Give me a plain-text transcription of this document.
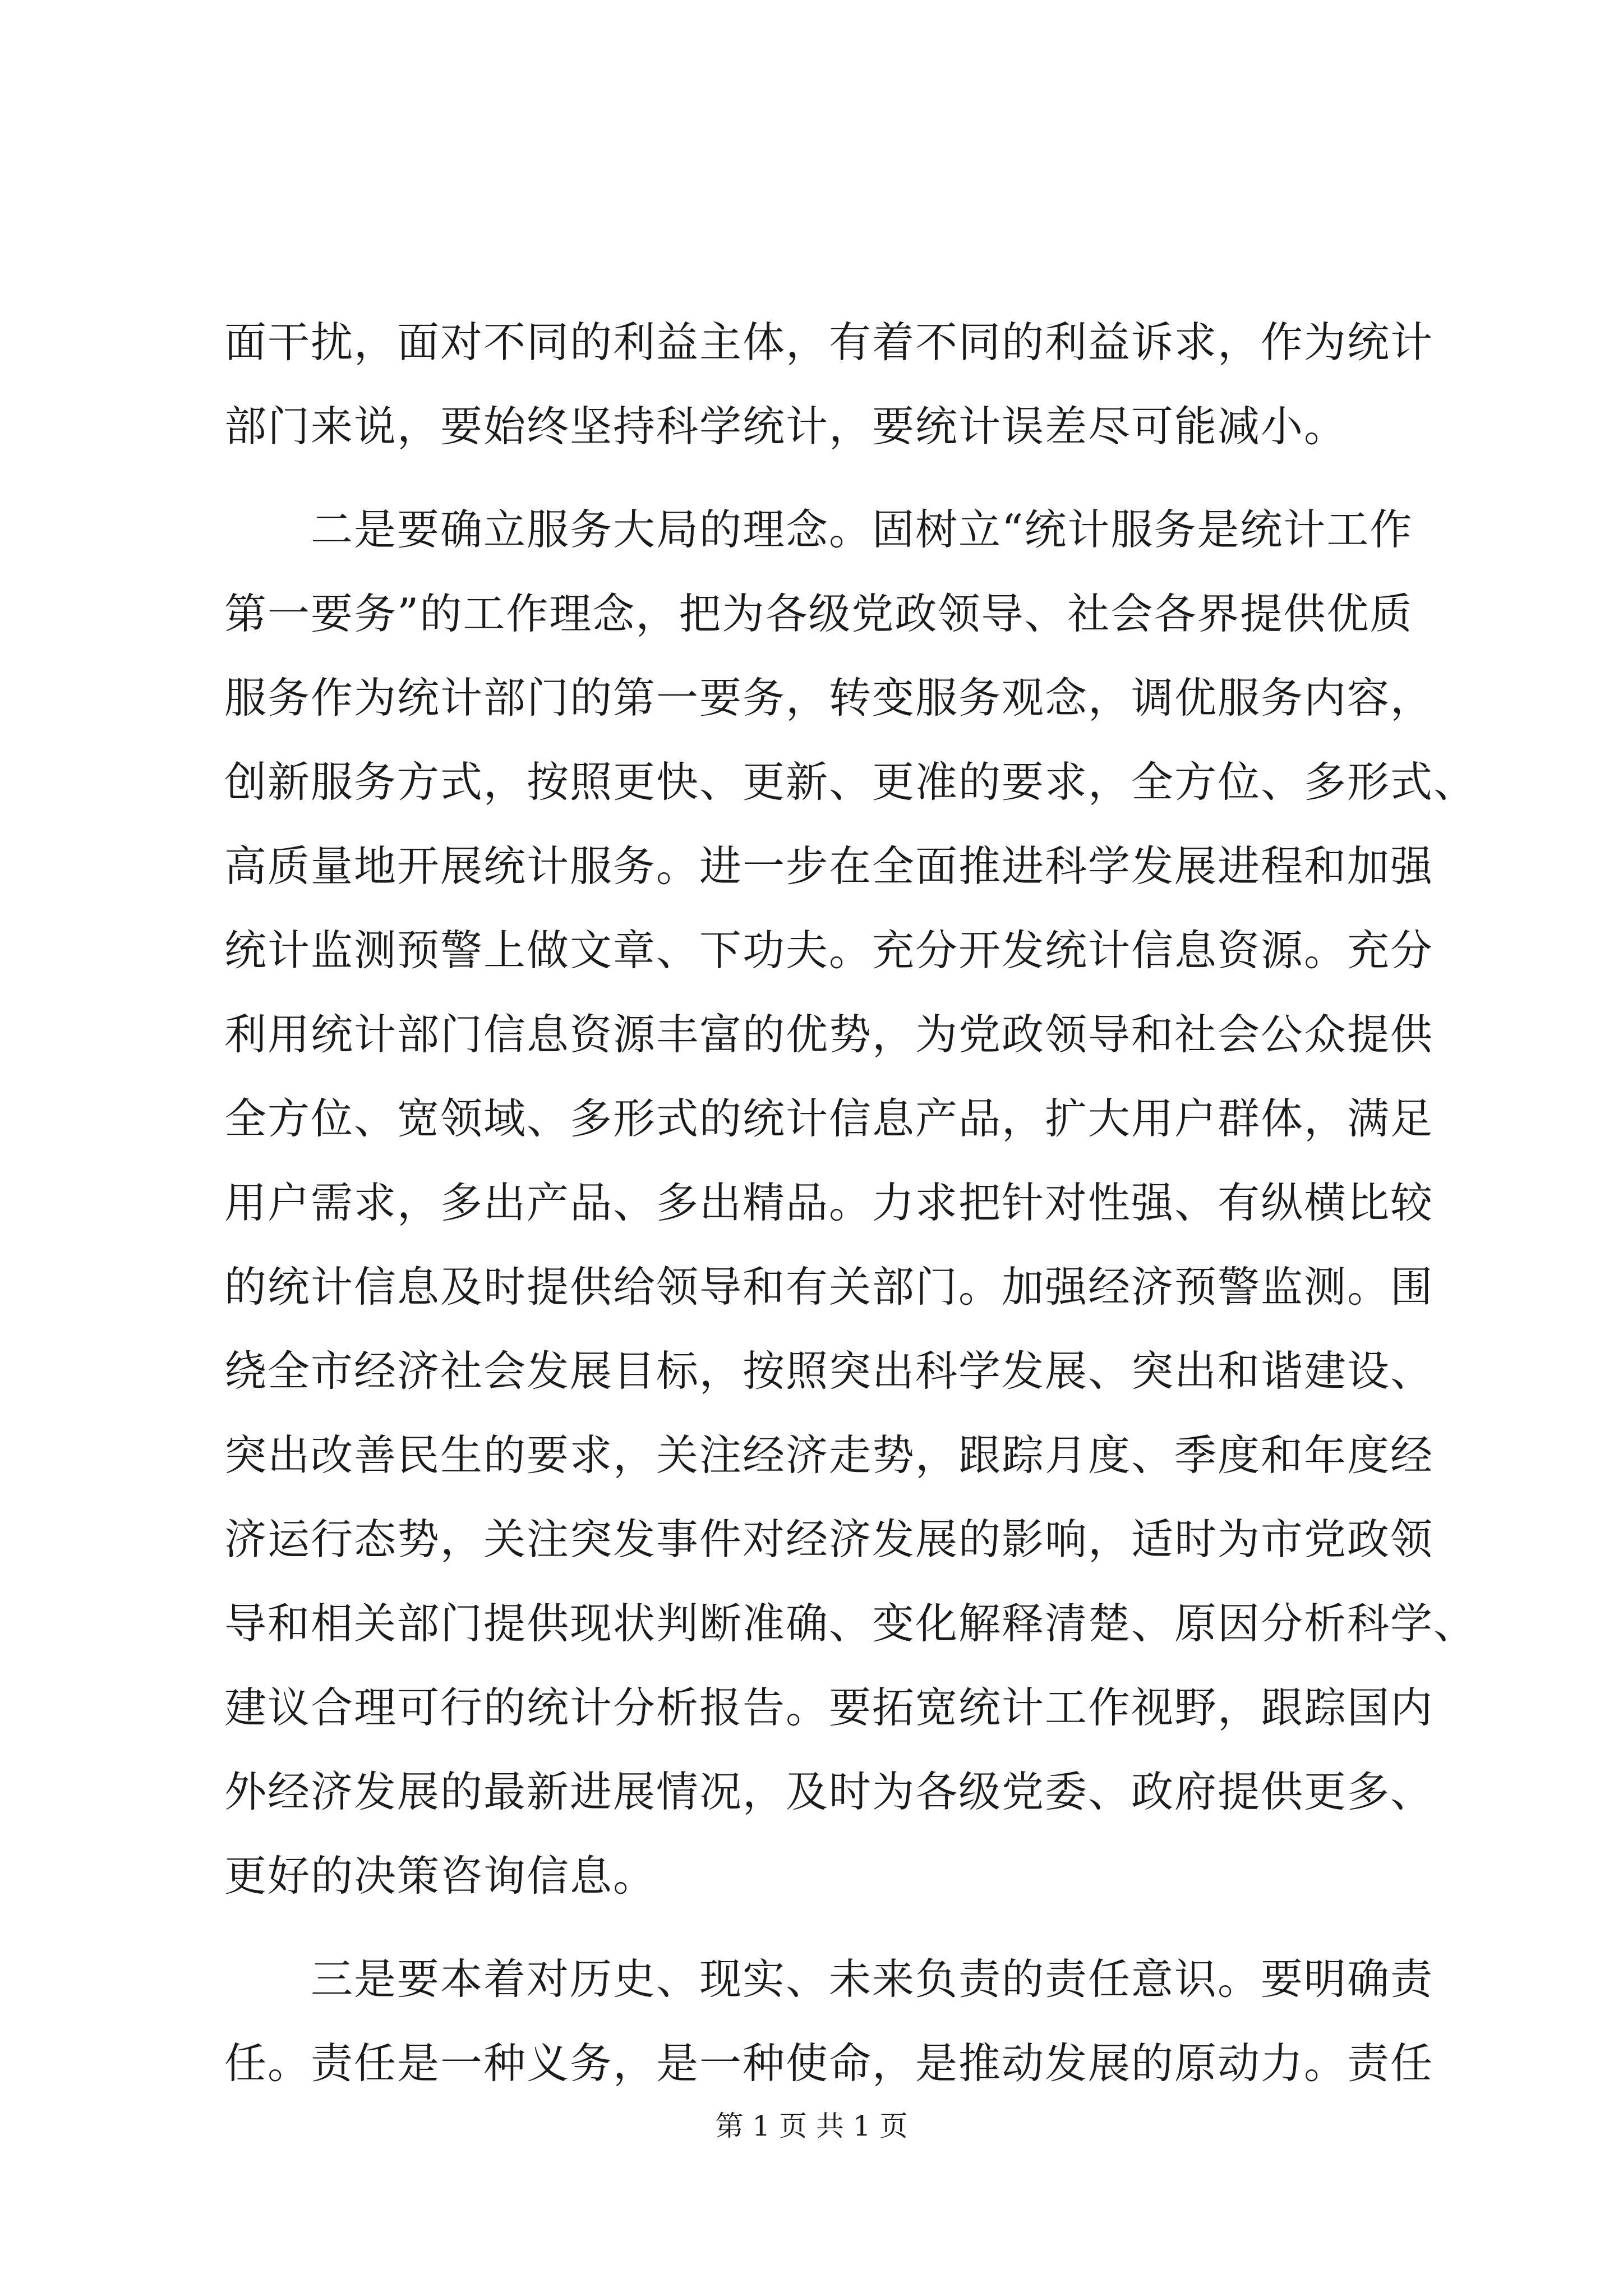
面干扰，面对不同的利益主体，有着不同的利益诉求，作为统计
部门来说，要始终坚持科学统计，要统计误差尽可能减小。
　　二是要确立服务大局的理念。固树立“统计服务是统计工作
第一要务”的工作理念，把为各级党政领导、社会各界提供优质
服务作为统计部门的第一要务，转变服务观念，调优服务内容，
创新服务方式，按照更快、更新、更准的要求，全方位、多形式、
高质量地开展统计服务。进一步在全面推进科学发展进程和加强
统计监测预警上做文章、下功夫。充分开发统计信息资源。充分
利用统计部门信息资源丰富的优势，为党政领导和社会公众提供
全方位、宽领域、多形式的统计信息产品，扩大用户群体，满足
用户需求，多出产品、多出精品。力求把针对性强、有纵横比较
的统计信息及时提供给领导和有关部门。加强经济预警监测。围
绕全市经济社会发展目标，按照突出科学发展、突出和谐建设、
突出改善民生的要求，关注经济走势，跟踪月度、季度和年度经
济运行态势，关注突发事件对经济发展的影响，适时为市党政领
导和相关部门提供现状判断准确、变化解释清楚、原因分析科学、
建议合理可行的统计分析报告。要拓宽统计工作视野，跟踪国内
外经济发展的最新进展情况，及时为各级党委、政府提供更多、
更好的决策咨询信息。
　　三是要本着对历史、现实、未来负责的责任意识。要明确责
任。责任是一种义务，是一种使命，是推动发展的原动力。责任
第 1 页 共 1 页
